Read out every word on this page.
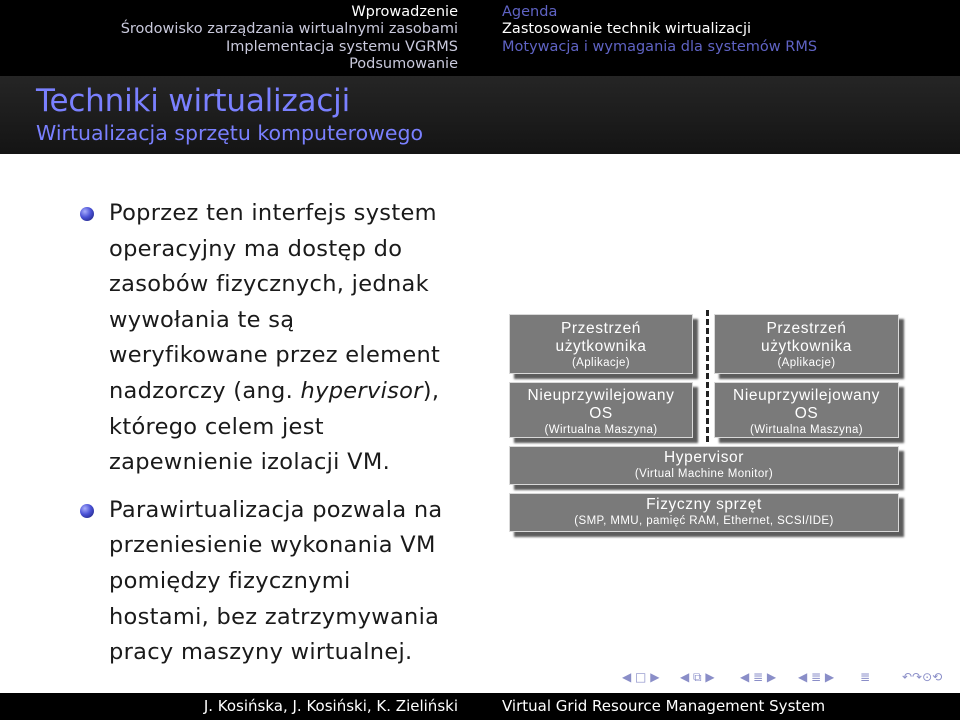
Wprowadzenie
Środowisko zarządzania wirtualnymi zasobami
Implementacja systemu VGRMS
Podsumowanie
Agenda
Zastosowanie technik wirtualizacji
Motywacja i wymagania dla systemów RMS
Techniki wirtualizacji
Wirtualizacja sprzętu komputerowego
Poprzez ten interfejs system
operacyjny ma dostęp do
zasobów fizycznych, jednak
wywołania te są
weryfikowane przez element
nadzorczy (ang. hypervisor),
którego celem jest
zapewnienie izolacji VM.
Parawirtualizacja pozwala na
przeniesienie wykonania VM
pomiędzy fizycznymi
hostami, bez zatrzymywania
pracy maszyny wirtualnej.
Przestrzeń
użytkownika
(Aplikacje)
Przestrzeń
użytkownika
(Aplikacje)
Nieuprzywilejowany
OS
(Wirtualna Maszyna)
Nieuprzywilejowany
OS
(Wirtualna Maszyna)
Hypervisor
(Virtual Machine Monitor)
Fizyczny sprzęt
(SMP, MMU, pamięć RAM, Ethernet, SCSI/IDE)
◀ □ ▶ ◀ ⧉ ▶ ◀ ≣ ▶ ◀ ≣ ▶ ≣	↶↷⊙⟲
J. Kosińska, J. Kosiński, K. Zieliński	Virtual Grid Resource Management System
